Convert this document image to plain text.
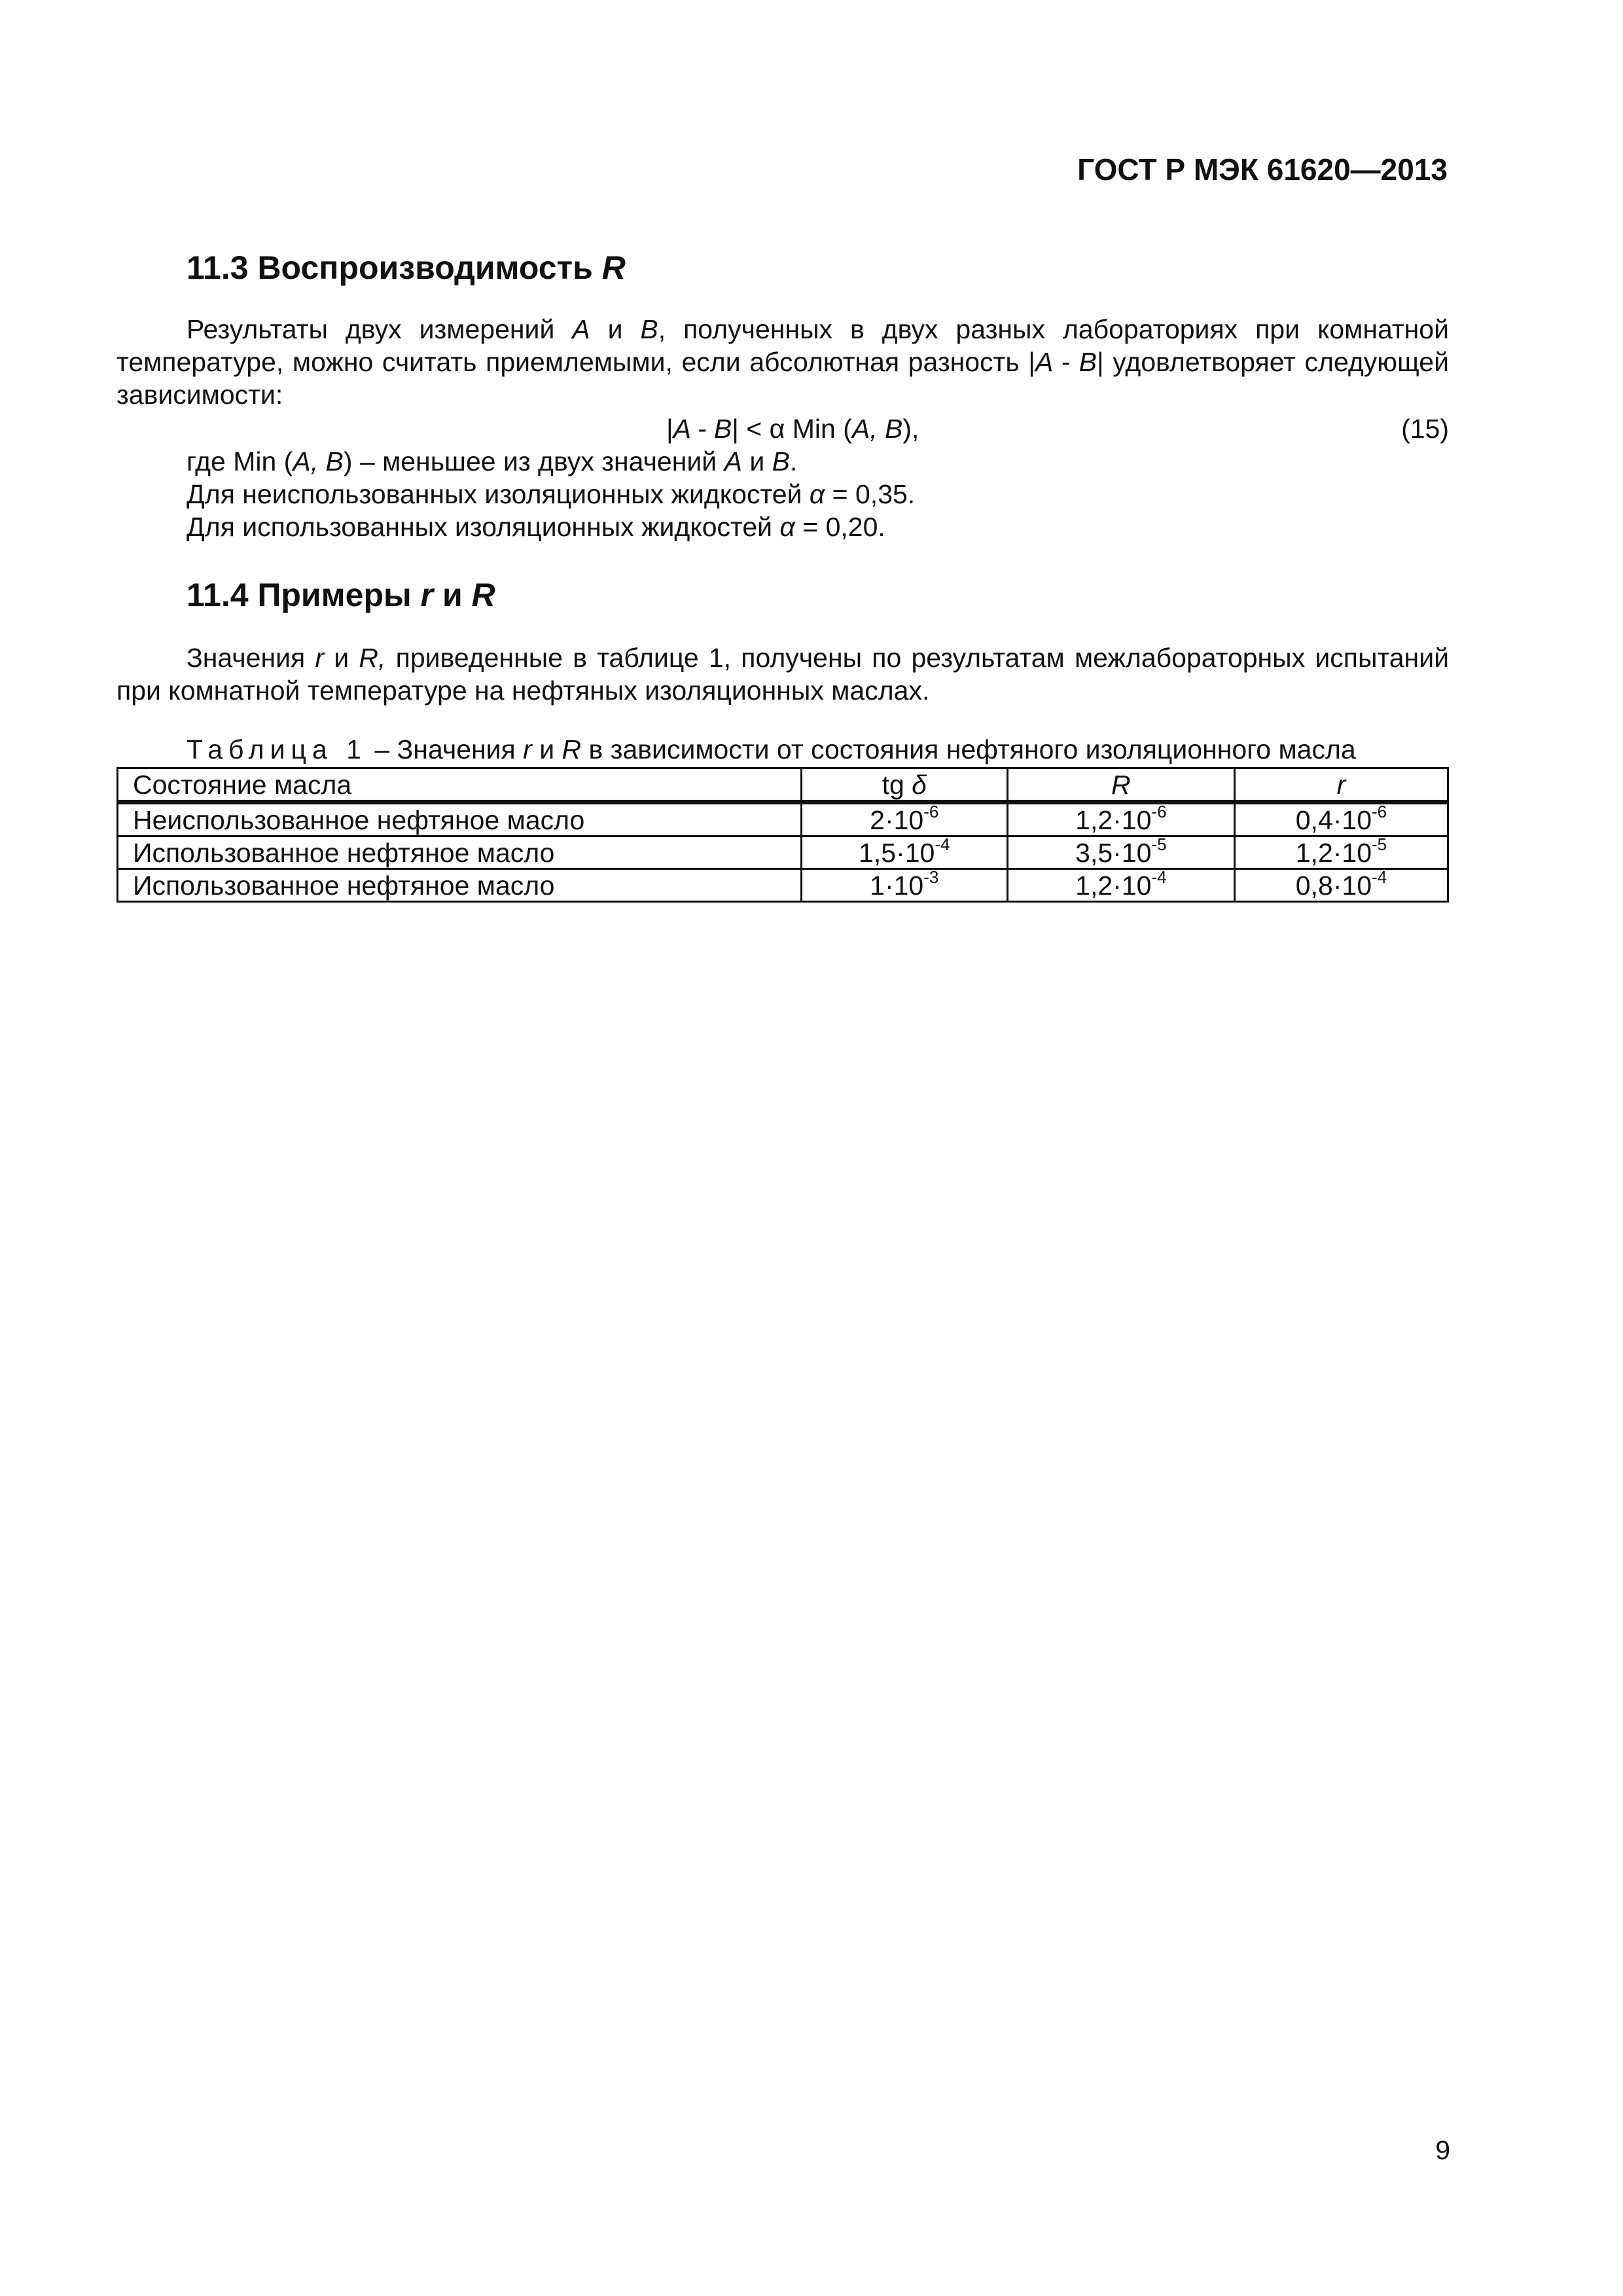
ГОСТ Р МЭК 61620—2013
11.3 Воспроизводимость R
Результаты двух измерений A и B, полученных в двух разных лабораториях при комнатной температуре, можно считать приемлемыми, если абсолютная разность |A - B| удовлетворяет следующей зависимости:
|A - B| < α Min (A, B),	(15)
где Min (A, B) – меньшее из двух значений A и B.
Для неиспользованных изоляционных жидкостей α = 0,35.
Для использованных изоляционных жидкостей α = 0,20.
11.4 Примеры r и R
Значения r и R, приведенные в таблице 1, получены по результатам межлабораторных испытаний при комнатной температуре на нефтяных изоляционных маслах.
Таблица 1 – Значения r и R в зависимости от состояния нефтяного изоляционного масла
Состояние масла	tg δ	R	r
Неиспользованное нефтяное масло	$2\cdot 10^{-6}$	$1,2\cdot 10^{-6}$	$0,4\cdot 10^{-6}$
Использованное нефтяное масло	$1,5\cdot 10^{-4}$	$3,5\cdot 10^{-5}$	$1,2\cdot 10^{-5}$
Использованное нефтяное масло	$1\cdot 10^{-3}$	$1,2\cdot 10^{-4}$	$0,8\cdot 10^{-4}$
9
